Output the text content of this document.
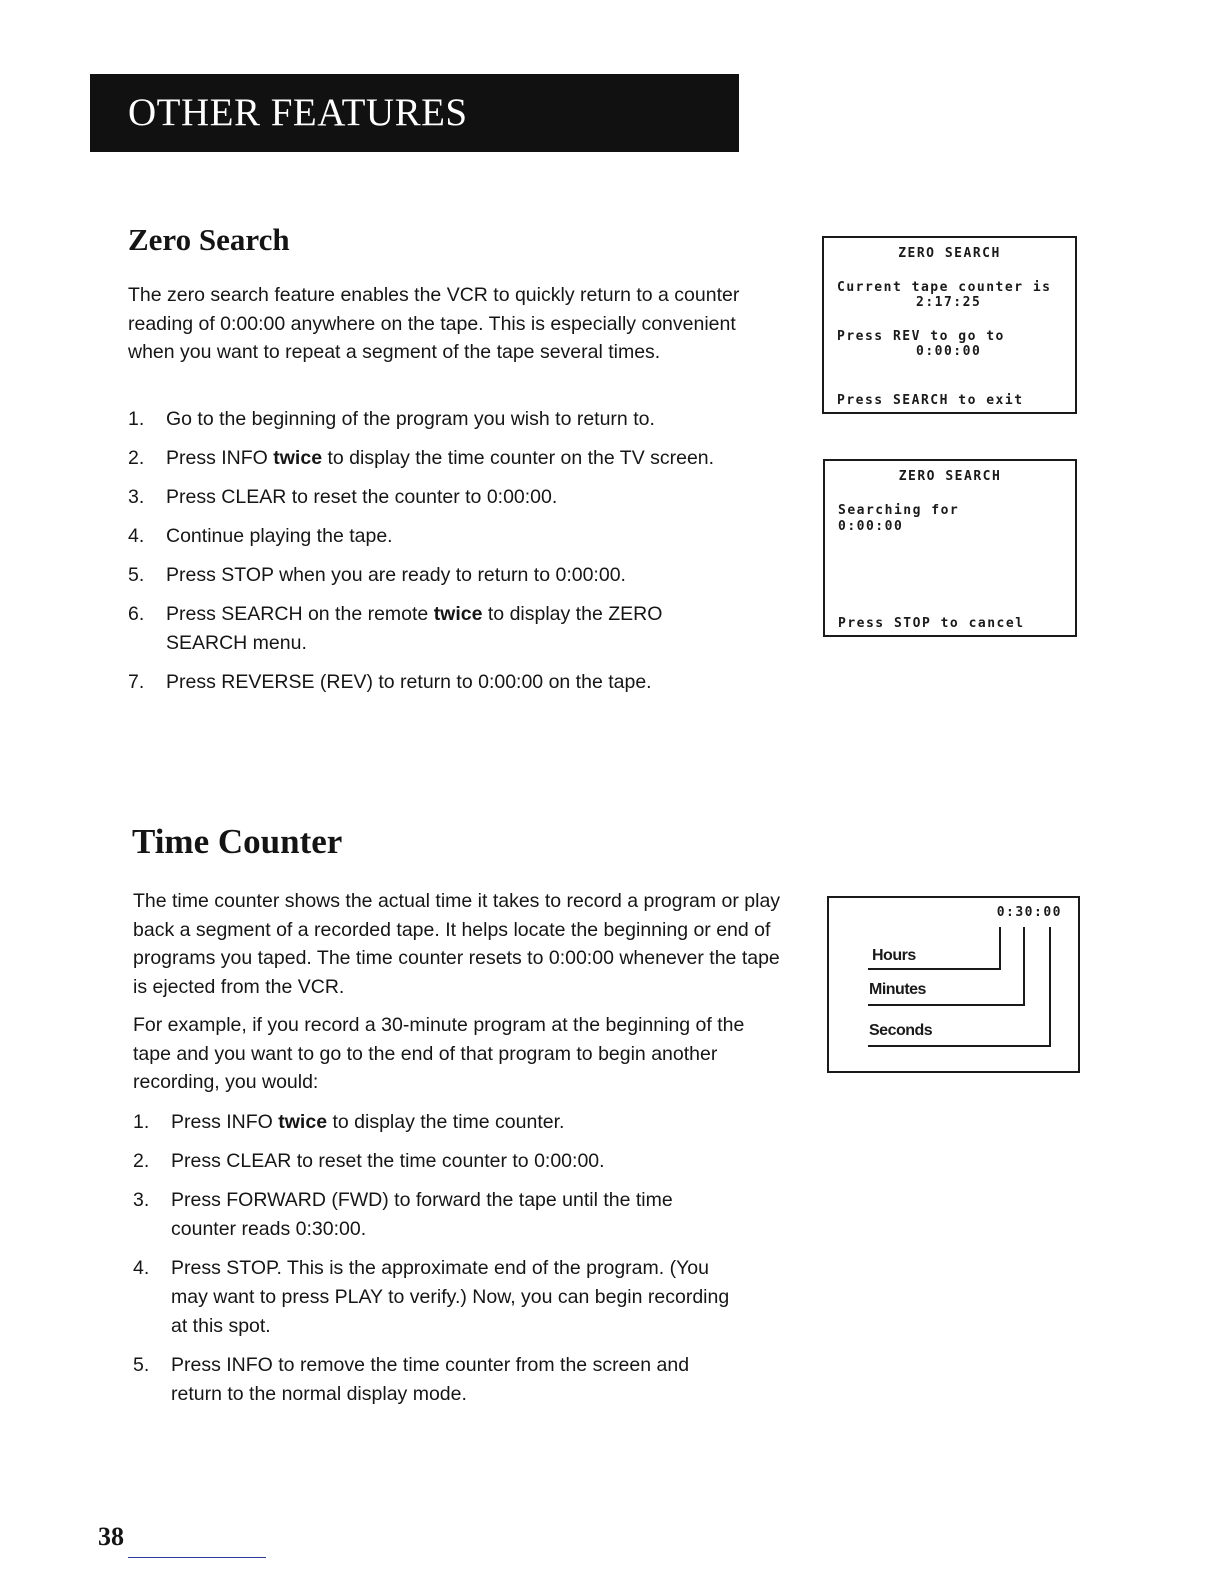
OTHER FEATURES
Zero Search

The zero search feature enables the VCR to quickly return to a counter reading of 0:00:00 anywhere on the tape. This is especially convenient when you want to repeat a segment of the tape several times.

1. Go to the beginning of the program you wish to return to.
2. Press INFO twice to display the time counter on the TV screen.
3. Press CLEAR to reset the counter to 0:00:00.
4. Continue playing the tape.
5. Press STOP when you are ready to return to 0:00:00.
6. Press SEARCH on the remote twice to display the ZERO SEARCH menu.
7. Press REVERSE (REV) to return to 0:00:00 on the tape.
ZERO SEARCH
Current tape counter is
2:17:25
Press REV to go to
0:00:00
Press SEARCH to exit
ZERO SEARCH
Searching for
0:00:00
Press STOP to cancel
Time Counter

The time counter shows the actual time it takes to record a program or play back a segment of a recorded tape. It helps locate the beginning or end of programs you taped. The time counter resets to 0:00:00 whenever the tape is ejected from the VCR.

For example, if you record a 30-minute program at the beginning of the tape and you want to go to the end of that program to begin another recording, you would:

1. Press INFO twice to display the time counter.
2. Press CLEAR to reset the time counter to 0:00:00.
3. Press FORWARD (FWD) to forward the tape until the time counter reads 0:30:00.
4. Press STOP. This is the approximate end of the program. (You may want to press PLAY to verify.) Now, you can begin recording at this spot.
5. Press INFO to remove the time counter from the screen and return to the normal display mode.
0:30:00
Hours
Minutes
Seconds
38
